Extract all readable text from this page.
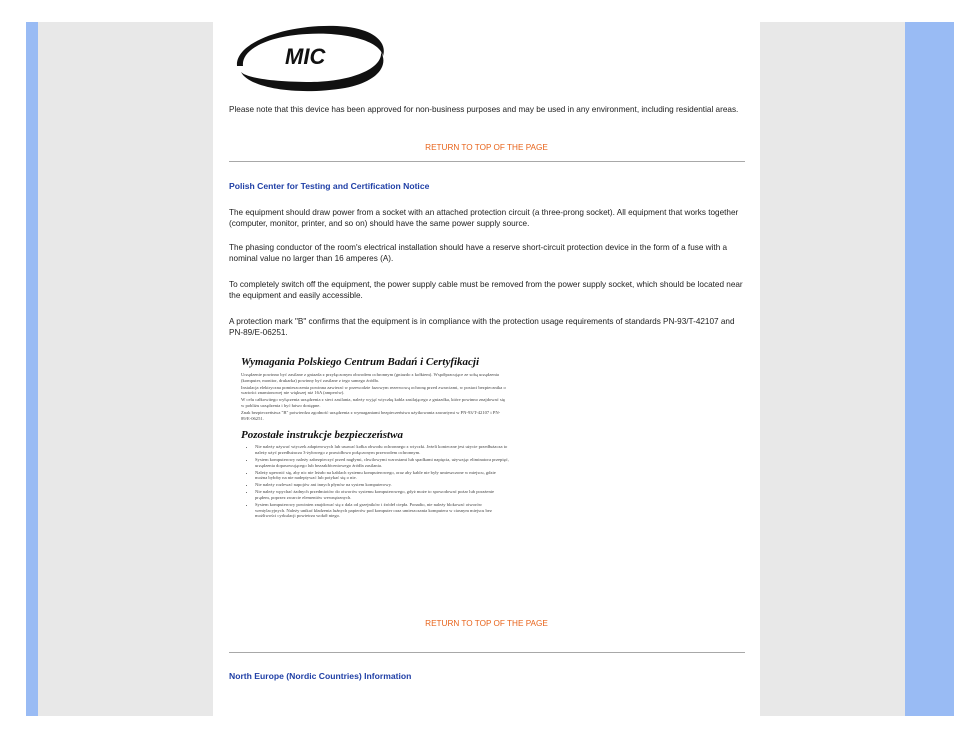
MIC

Please note that this device has been approved for non-business purposes and may be used in any environment, including residential areas.

RETURN TO TOP OF THE PAGE

Polish Center for Testing and Certification Notice

The equipment should draw power from a socket with an attached protection circuit (a three-prong socket). All equipment that works together (computer, monitor, printer, and so on) should have the same power supply source.

The phasing conductor of the room's electrical installation should have a reserve short-circuit protection device in the form of a fuse with a nominal value no larger than 16 amperes (A).

To completely switch off the equipment, the power supply cable must be removed from the power supply socket, which should be located near the equipment and easily accessible.

A protection mark "B" confirms that the equipment is in compliance with the protection usage requirements of standards PN-93/T-42107 and PN-89/E-06251.

Wymagania Polskiego Centrum Badań i Certyfikacji

Urządzenie powinno być zasilane z gniazda z przyłączonym obwodem ochronnym (gniazdo z kołkiem). Współpracujące ze sobą urządzenia (komputer, monitor, drukarka) powinny być zasilane z tego samego źródła.

Instalacja elektryczna pomieszczenia powinna zawierać w przewodzie fazowym rezerwową ochronę przed zwarciami, w postaci bezpiecznika o wartości znamionowej nie większej niż 16A (amperów).

W celu całkowitego wyłączenia urządzenia z sieci zasilania, należy wyjąć wtyczkę kabla zasilającego z gniazdka, które powinno znajdować się w pobliżu urządzenia i być łatwo dostępne.

Znak bezpieczeństwa "B" potwierdza zgodność urządzenia z wymaganiami bezpieczeństwa użytkowania zawartymi w PN-93/T-42107 i PN-89/E-06251.

Pozostałe instrukcje bezpieczeństwa

• Nie należy używać wtyczek adapterowych lub usuwać kołka obwodu ochronnego z wtyczki. Jeżeli konieczne jest użycie przedłużacza to należy użyć przedłużacza 3-żyłowego z prawidłowo połączonym przewodem ochronnym.
• System komputerowy należy zabezpieczyć przed nagłymi, chwilowymi wzrostami lub spadkami napięcia, używając eliminatora przepięć, urządzenia dopasowującego lub bezzakłóceniowego źródła zasilania.
• Należy upewnić się, aby nic nie leżało na kablach systemu komputerowego, oraz aby kable nie były umieszczone w miejscu, gdzie można byłoby na nie nadeptywać lub potykać się o nie.
• Nie należy rozlewać napojów ani innych płynów na system komputerowy.
• Nie należy wpychać żadnych przedmiotów do otworów systemu komputerowego, gdyż może to spowodować pożar lub porażenie prądem, poprzez zwarcie elementów wewnętrznych.
• System komputerowy powinien znajdować się z dala od grzejników i źródeł ciepła. Ponadto, nie należy blokować otworów wentylacyjnych. Należy unikać kładzenia luźnych papierów pod komputer oraz umieszczania komputera w ciasnym miejscu bez możliwości cyrkulacji powietrza wokół niego.
RETURN TO TOP OF THE PAGE

North Europe (Nordic Countries) Information
